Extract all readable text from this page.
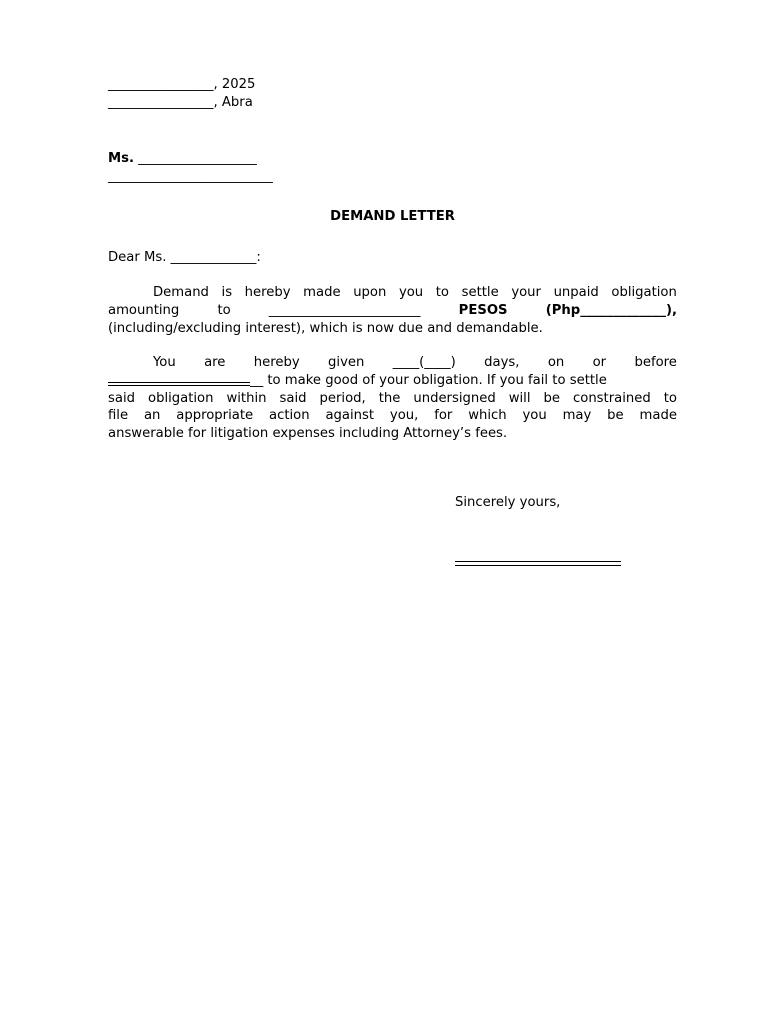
________________, 2025
________________, Abra
Ms. __________________
_________________________
DEMAND LETTER
Dear Ms. _____________:
Demand is hereby made upon you to settle your unpaid obligation
amounting	to	_______________________	PESOS	(Php_____________),
(including/excluding interest), which is now due and demandable.
You are hereby given ____(____) days, on or before
__ to make good of your obligation. If you fail to settle
said obligation within said period, the undersigned will be constrained to
file an appropriate action against you, for which you may be made
answerable for litigation expenses including Attorney’s fees.
Sincerely yours,
